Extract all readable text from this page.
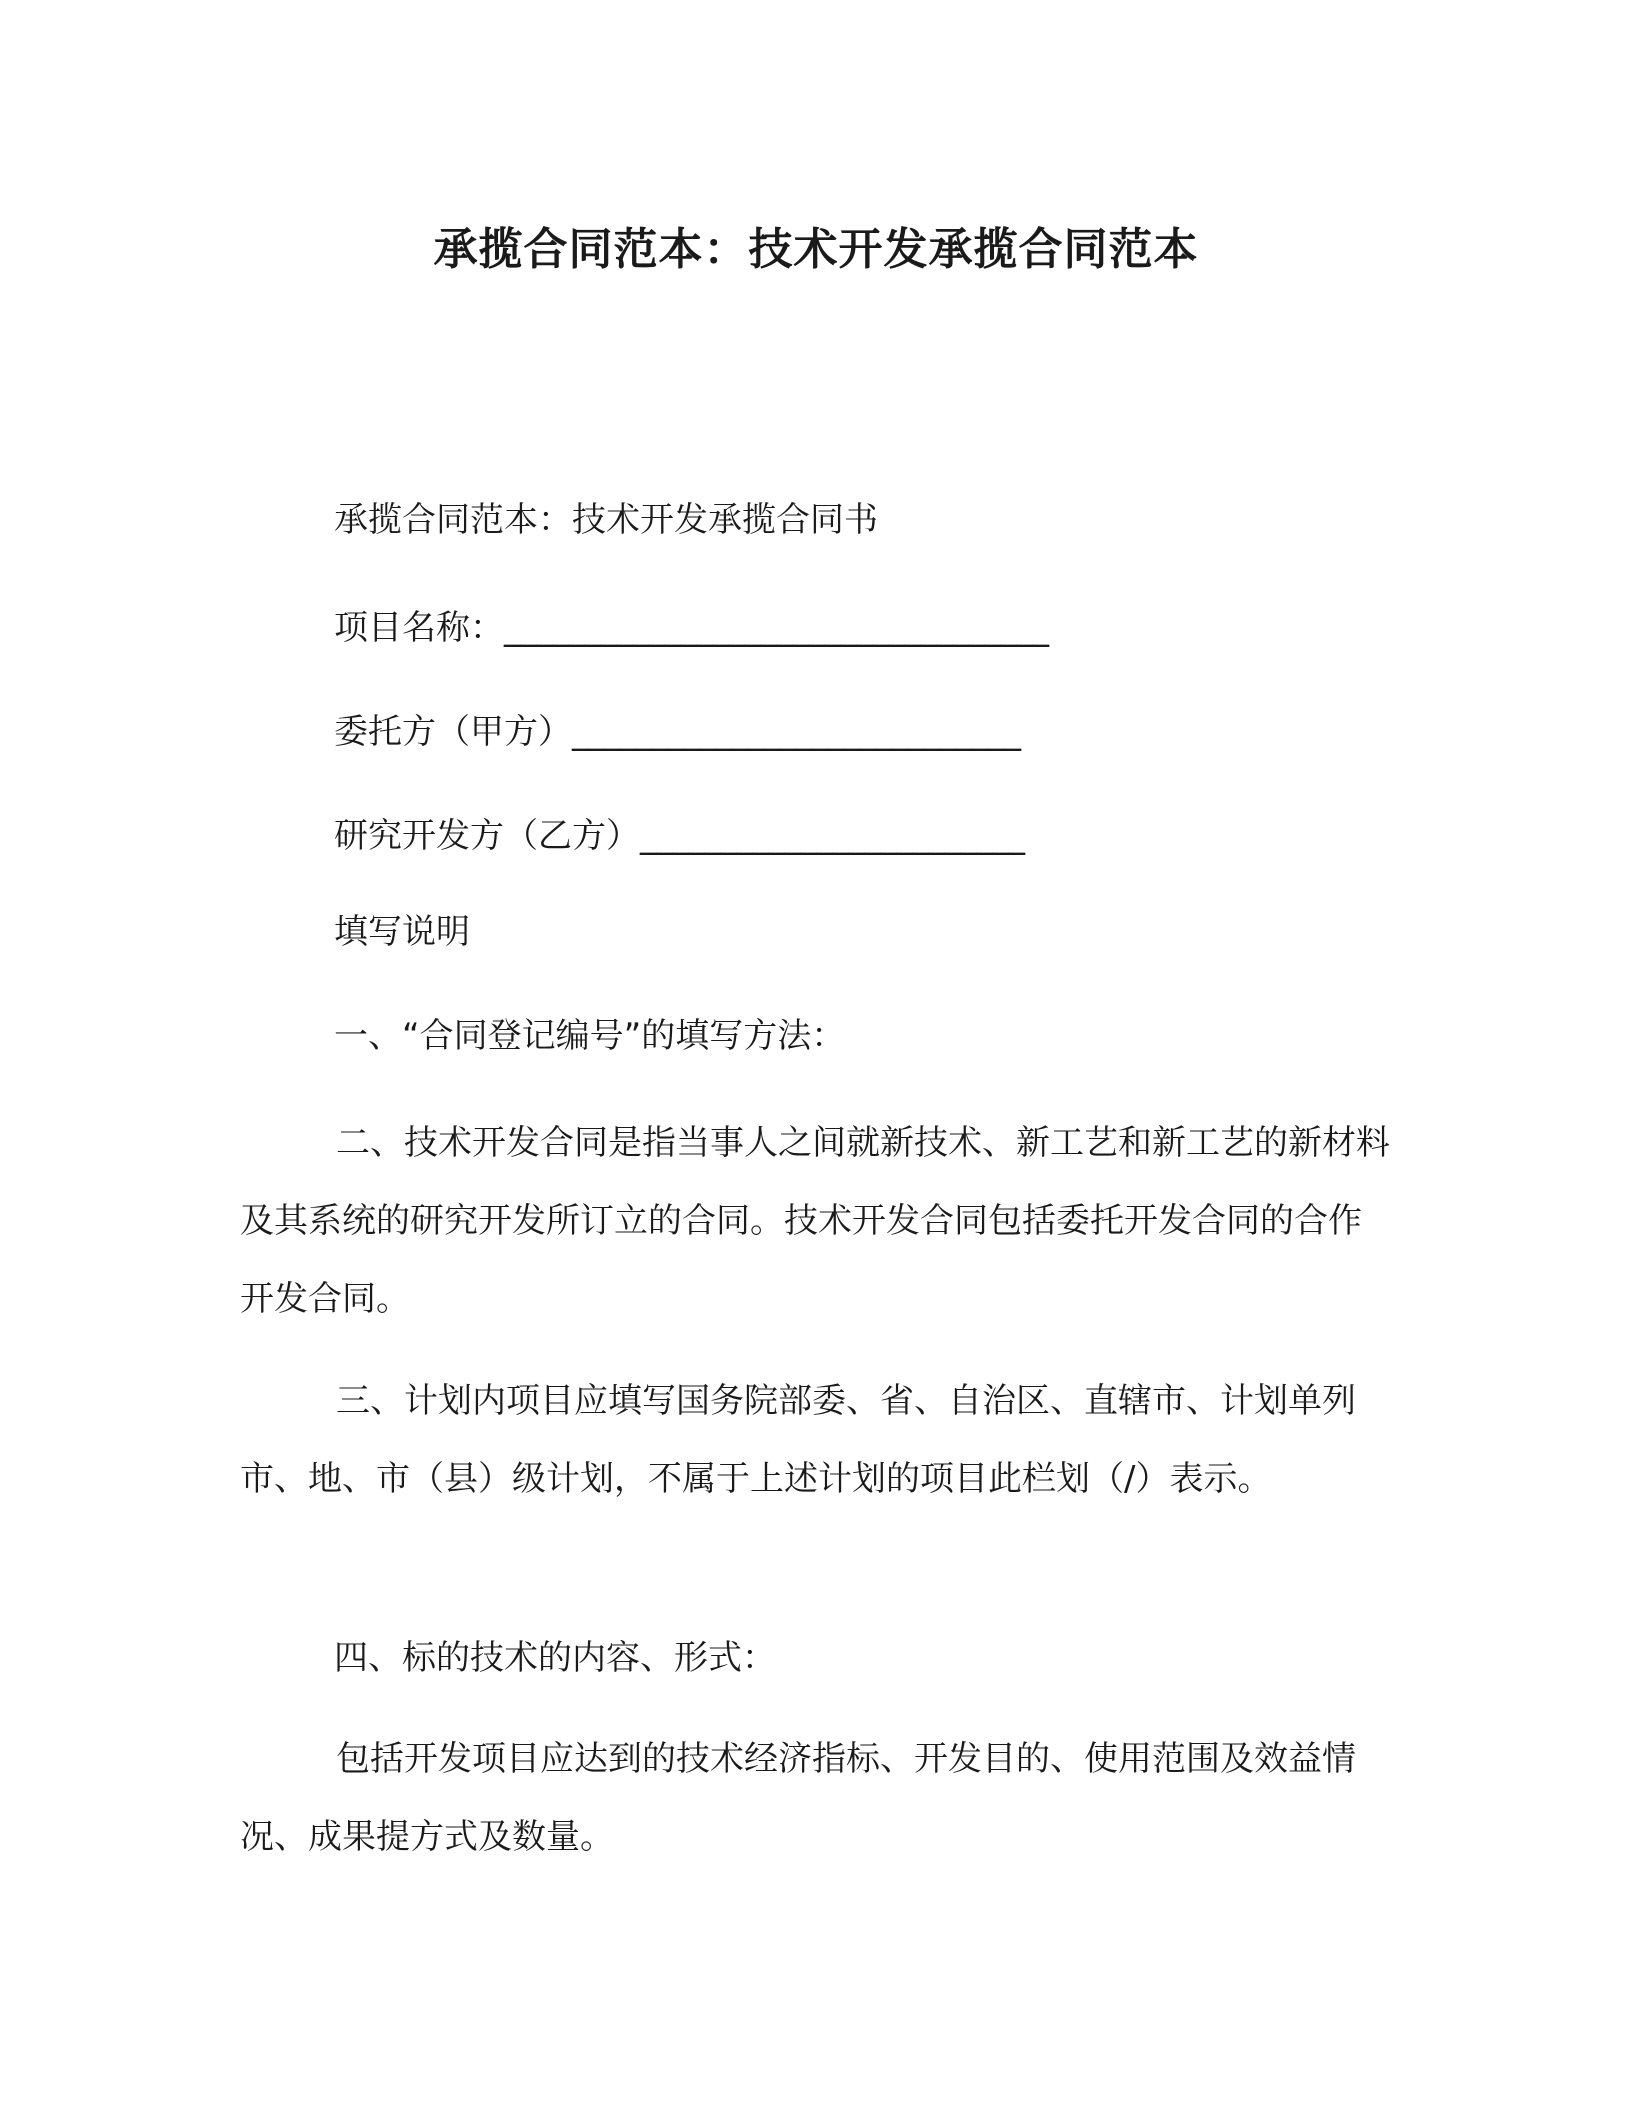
承揽合同范本：技术开发承揽合同范本

承揽合同范本：技术开发承揽合同书

项目名称：__________________________________

委托方（甲方）____________________________

研究开发方（乙方）________________________

填写说明

一、“合同登记编号”的填写方法：

二、技术开发合同是指当事人之间就新技术、新工艺和新工艺的新材料及其系统的研究开发所订立的合同。技术开发合同包括委托开发合同的合作开发合同。

三、计划内项目应填写国务院部委、省、自治区、直辖市、计划单列市、地、市（县）级计划，不属于上述计划的项目此栏划（/）表示。

四、标的技术的内容、形式：

包括开发项目应达到的技术经济指标、开发目的、使用范围及效益情况、成果提方式及数量。
